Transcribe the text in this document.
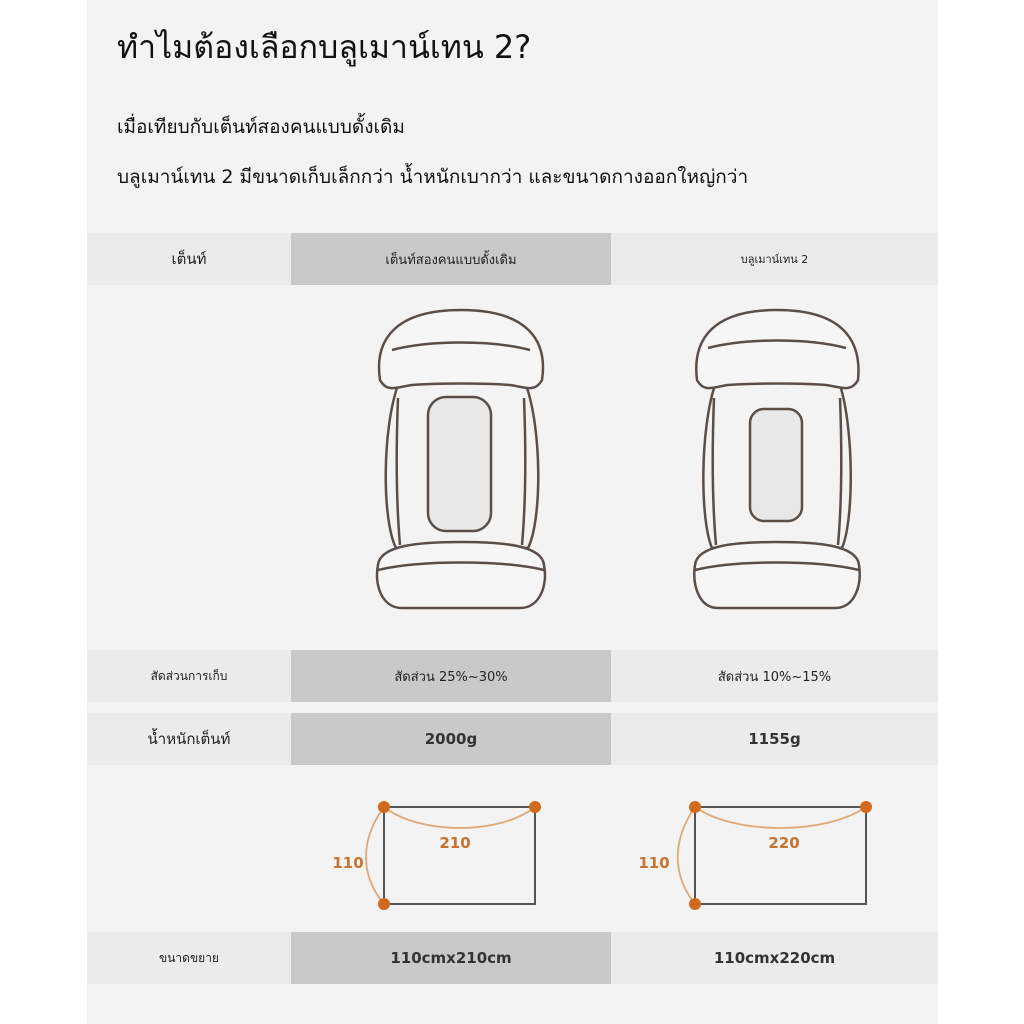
ทำไมต้องเลือกบลูเมาน์เทน 2?
เมื่อเทียบกับเต็นท์สองคนแบบดั้งเดิม
บลูเมาน์เทน 2 มีขนาดเก็บเล็กกว่า น้ำหนักเบากว่า และขนาดกางออกใหญ่กว่า
เต็นท์	เต็นท์สองคนแบบดั้งเดิม	บลูเมาน์เทน 2
สัดส่วนการเก็บ	สัดส่วน 25%~30%	สัดส่วน 10%~15%
น้ำหนักเต็นท์	2000g	1155g
210
110
220
110
ขนาดขยาย	110cmx210cm	110cmx220cm
